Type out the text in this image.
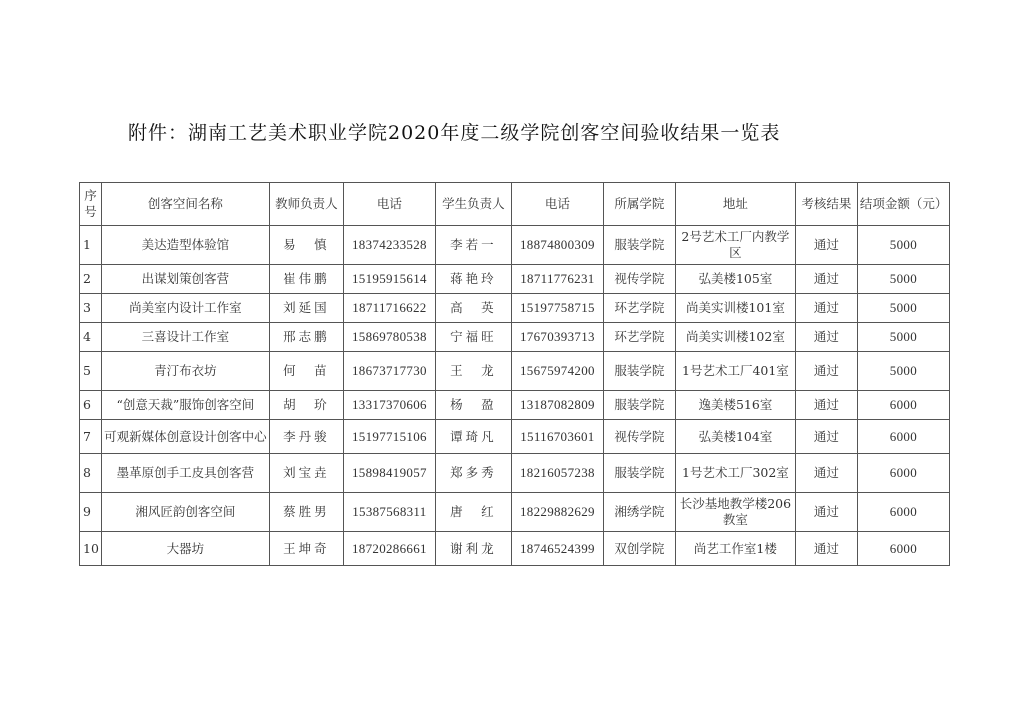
附件：湖南工艺美术职业学院2020年度二级学院创客空间验收结果一览表
序号	创客空间名称	教师负责人	电话	学生负责人	电话	所属学院	地址	考核结果	结项金额（元）
1	美达造型体验馆	易　慎	18374233528	李若一	18874800309	服装学院	2号艺术工厂内教学区	通过	5000
2	出谋划策创客营	崔伟鹏	15195915614	蒋艳玲	18711776231	视传学院	弘美楼105室	通过	5000
3	尚美室内设计工作室	刘延国	18711716622	高　英	15197758715	环艺学院	尚美实训楼101室	通过	5000
4	三喜设计工作室	邢志鹏	15869780538	宁福旺	17670393713	环艺学院	尚美实训楼102室	通过	5000
5	青汀布衣坊	何　苗	18673717730	王　龙	15675974200	服装学院	1号艺术工厂401室	通过	5000
6	“创意天裁”服饰创客空间	胡　玠	13317370606	杨　盈	13187082809	服装学院	逸美楼516室	通过	6000
7	可观新媒体创意设计创客中心	李丹骏	15197715106	谭琦凡	15116703601	视传学院	弘美楼104室	通过	6000
8	墨革原创手工皮具创客营	刘宝垚	15898419057	郑多秀	18216057238	服装学院	1号艺术工厂302室	通过	6000
9	湘风匠韵创客空间	蔡胜男	15387568311	唐　红	18229882629	湘绣学院	长沙基地教学楼206教室	通过	6000
10	大器坊	王坤奇	18720286661	谢利龙	18746524399	双创学院	尚艺工作室1楼	通过	6000
